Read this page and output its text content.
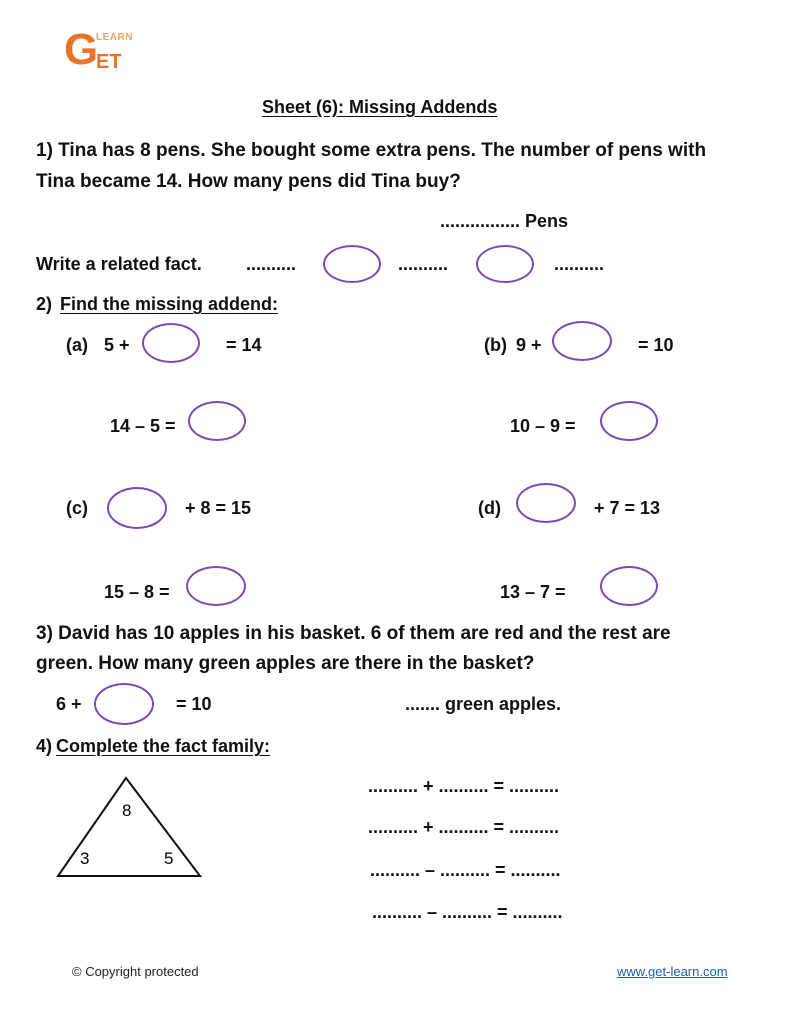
G
LEARN
ET
Sheet (6): Missing Addends
1) Tina has 8 pens. She bought some extra pens. The number of pens with
Tina became 14. How many pens did Tina buy?
................ Pens
Write a related fact. ..........	..........	..........
2) Find the missing addend:
(a) 5 +	= 14
14 – 5 =
(b) 9 +	= 10
10 – 9 =
(c)	+ 8 = 15
15 – 8 =
(d)	+ 7 = 13
13 – 7 =
3) David has 10 apples in his basket. 6 of them are red and the rest are
green. How many green apples are there in the basket?
6 +	= 10	....... green apples.
4) Complete the fact family:
8
3	5
.......... + .......... = ..........
.......... + .......... = ..........
.......... – .......... = ..........
.......... – .......... = ..........
© Copyright protected	www.get-learn.com
